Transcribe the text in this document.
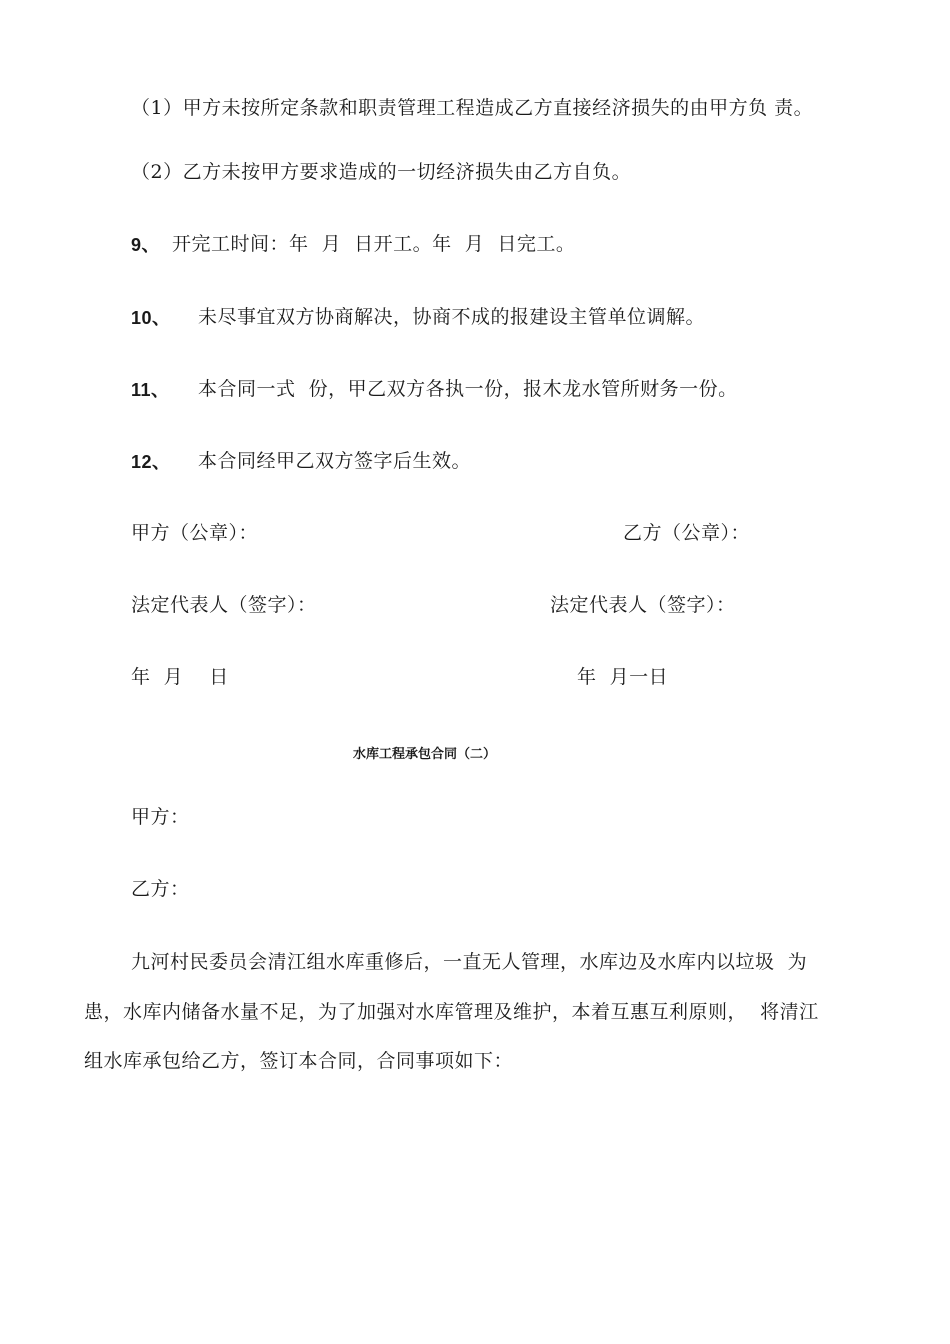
（1）甲方未按所定条款和职责管理工程造成乙方直接经济损失的由甲方负 责。
（2）乙方未按甲方要求造成的一切经济损失由乙方自负。
9、 开完工时间：年  月  日开工。年  月  日完工。
10、 未尽事宜双方协商解决，协商不成的报建设主管单位调解。
11、 本合同一式  份，甲乙双方各执一份，报木龙水管所财务一份。
12、 本合同经甲乙双方签字后生效。
甲方（公章）：	乙方（公章）：
法定代表人（签字）：	法定代表人（签字）：
年  月    日	年  月一日
水库工程承包合同（二）
甲方：
乙方：
九河村民委员会清江组水库重修后，一直无人管理，水库边及水库内以垃圾  为
患，水库内储备水量不足，为了加强对水库管理及维护，本着互惠互利原则，  将清江
组水库承包给乙方，签订本合同，合同事项如下：
